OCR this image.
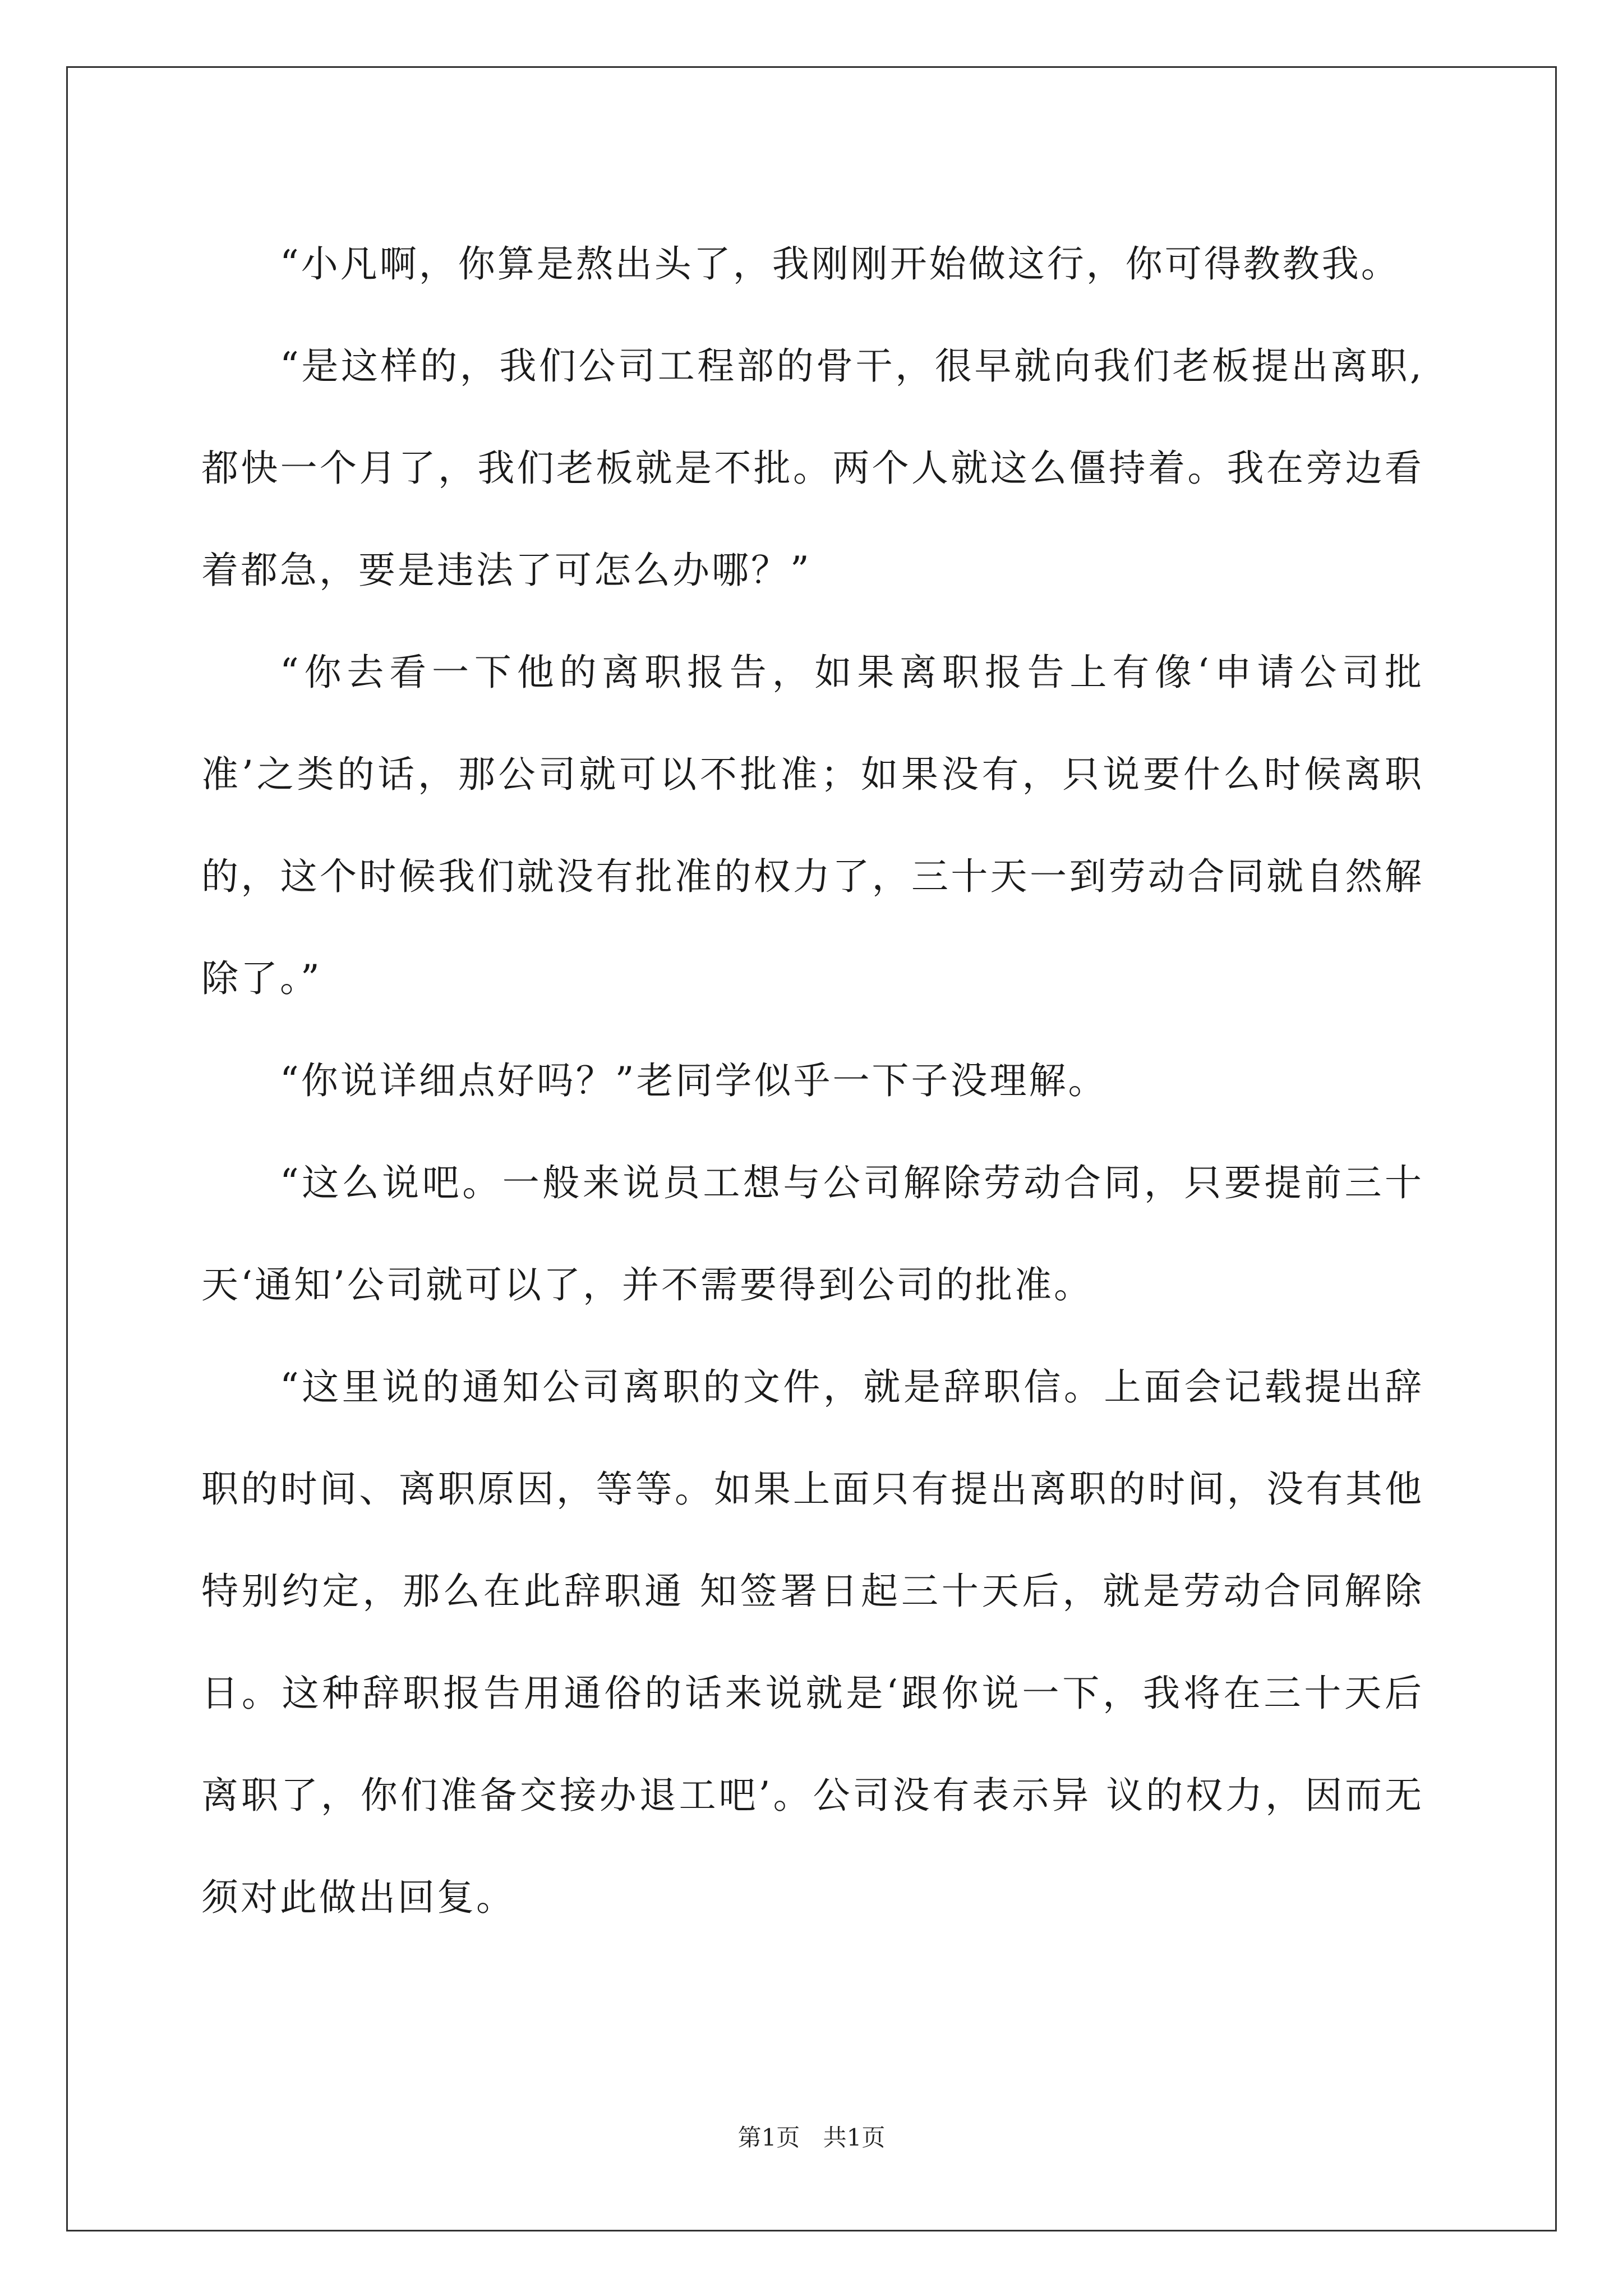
“小凡啊，你算是熬出头了，我刚刚开始做这行，你可得教教我。

“是这样的，我们公司工程部的骨干，很早就向我们老板提出离职,都快一个月了，我们老板就是不批。两个人就这么僵持着。我在旁边看着都急，要是违法了可怎么办哪？”

“你去看一下他的离职报告，如果离职报告上有像‘申请公司批准’之类的话，那公司就可以不批准；如果没有，只说要什么时候离职的，这个时候我们就没有批准的权力了，三十天一到劳动合同就自然解除了。”

“你说详细点好吗？”老同学似乎一下子没理解。

“这么说吧。一般来说员工想与公司解除劳动合同，只要提前三十天‘通知’公司就可以了，并不需要得到公司的批准。

“这里说的通知公司离职的文件，就是辞职信。上面会记载提出辞职的时间、离职原因，等等。如果上面只有提出离职的时间，没有其他特别约定，那么在此辞职通 知签署日起三十天后，就是劳动合同解除日。这种辞职报告用通俗的话来说就是‘跟你说一下，我将在三十天后离职了，你们准备交接办退工吧’。公司没有表示异 议的权力，因而无须对此做出回复。

第1页 共1页
